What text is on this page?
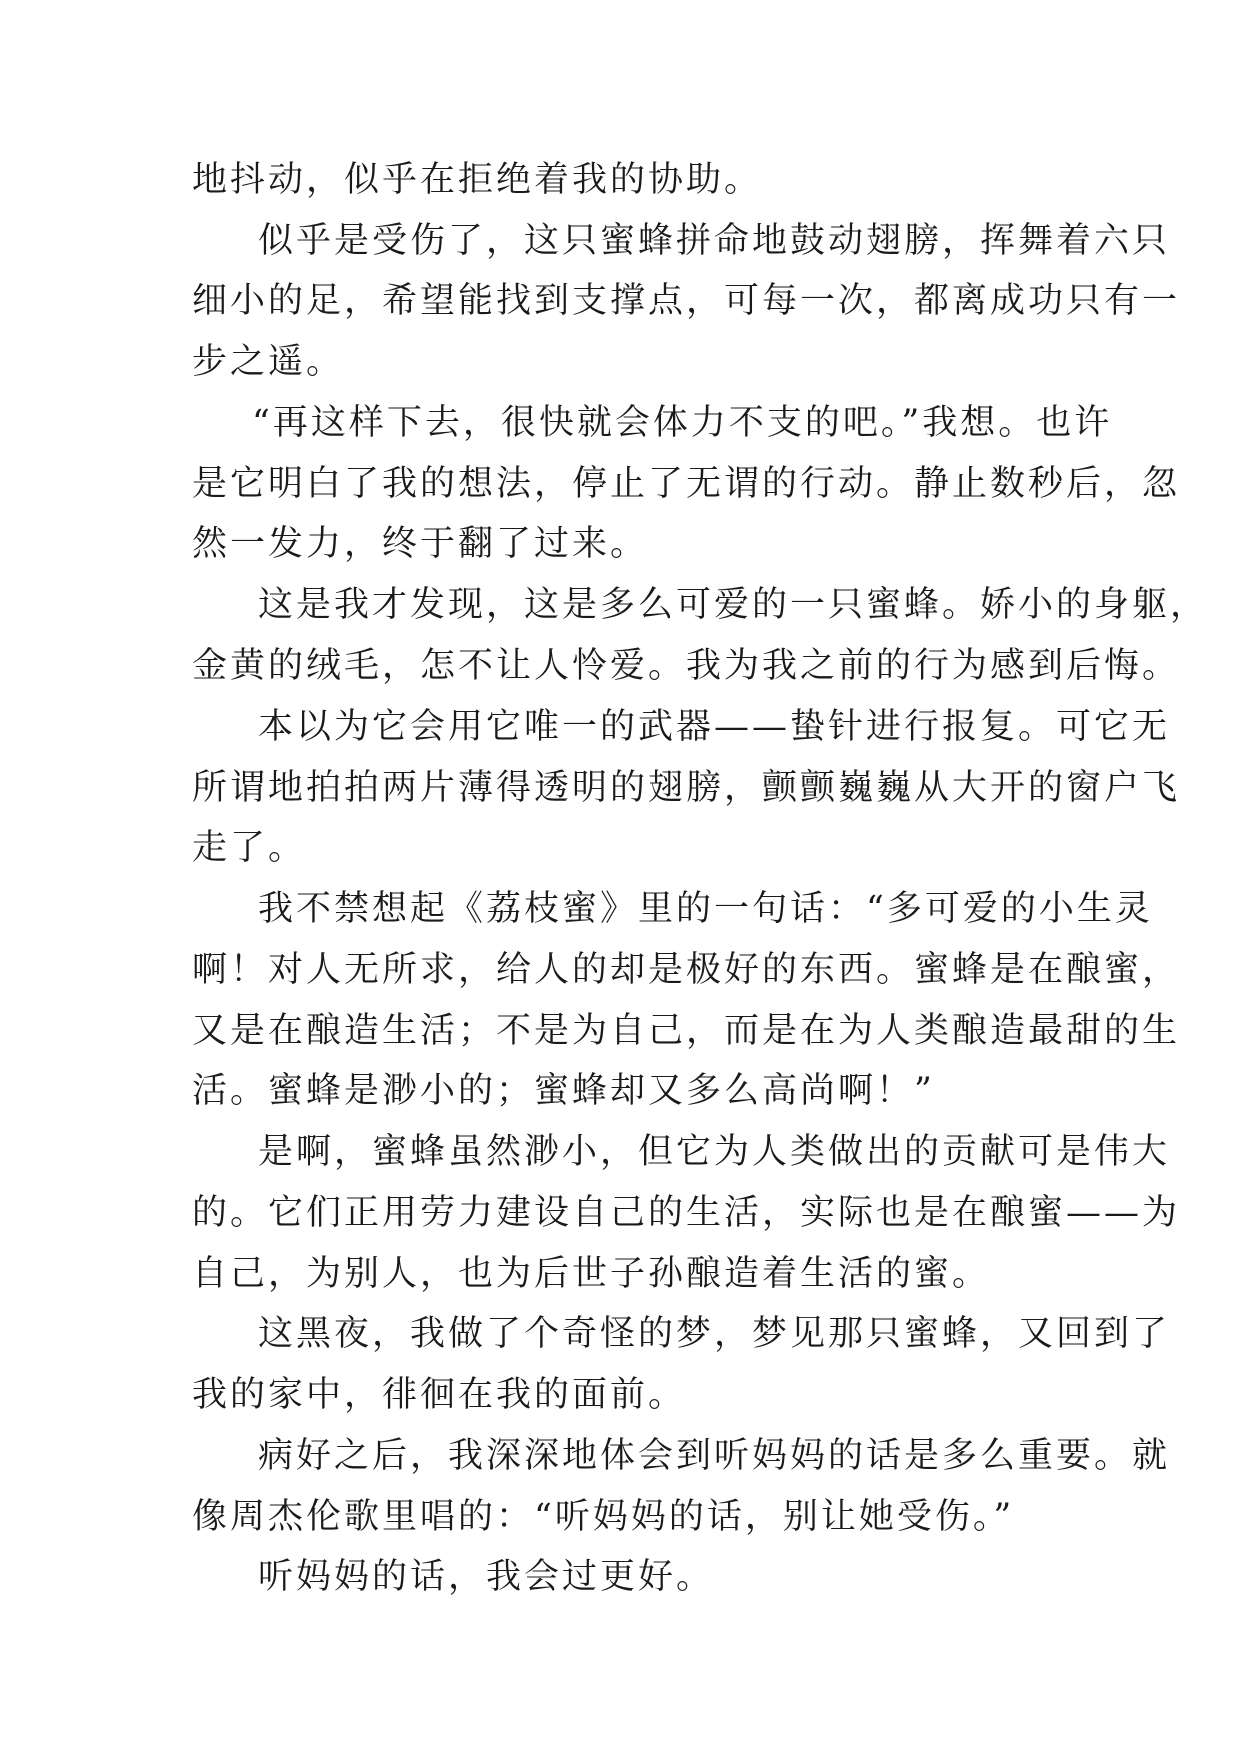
地抖动，似乎在拒绝着我的协助。
似乎是受伤了，这只蜜蜂拼命地鼓动翅膀，挥舞着六只
细小的足，希望能找到支撑点，可每一次，都离成功只有一
步之遥。
“再这样下去，很快就会体力不支的吧。”我想。也许
是它明白了我的想法，停止了无谓的行动。静止数秒后，忽
然一发力，终于翻了过来。
这是我才发现，这是多么可爱的一只蜜蜂。娇小的身躯，
金黄的绒毛，怎不让人怜爱。我为我之前的行为感到后悔。
本以为它会用它唯一的武器——蛰针进行报复。可它无
所谓地拍拍两片薄得透明的翅膀，颤颤巍巍从大开的窗户飞
走了。
我不禁想起《荔枝蜜》里的一句话：“多可爱的小生灵
啊！对人无所求，给人的却是极好的东西。蜜蜂是在酿蜜，
又是在酿造生活；不是为自己，而是在为人类酿造最甜的生
活。蜜蜂是渺小的；蜜蜂却又多么高尚啊！”
是啊，蜜蜂虽然渺小，但它为人类做出的贡献可是伟大
的。它们正用劳力建设自己的生活，实际也是在酿蜜——为
自己，为别人，也为后世子孙酿造着生活的蜜。
这黑夜，我做了个奇怪的梦，梦见那只蜜蜂，又回到了
我的家中，徘徊在我的面前。
病好之后，我深深地体会到听妈妈的话是多么重要。就
像周杰伦歌里唱的：“听妈妈的话，别让她受伤。”
听妈妈的话，我会过更好。
